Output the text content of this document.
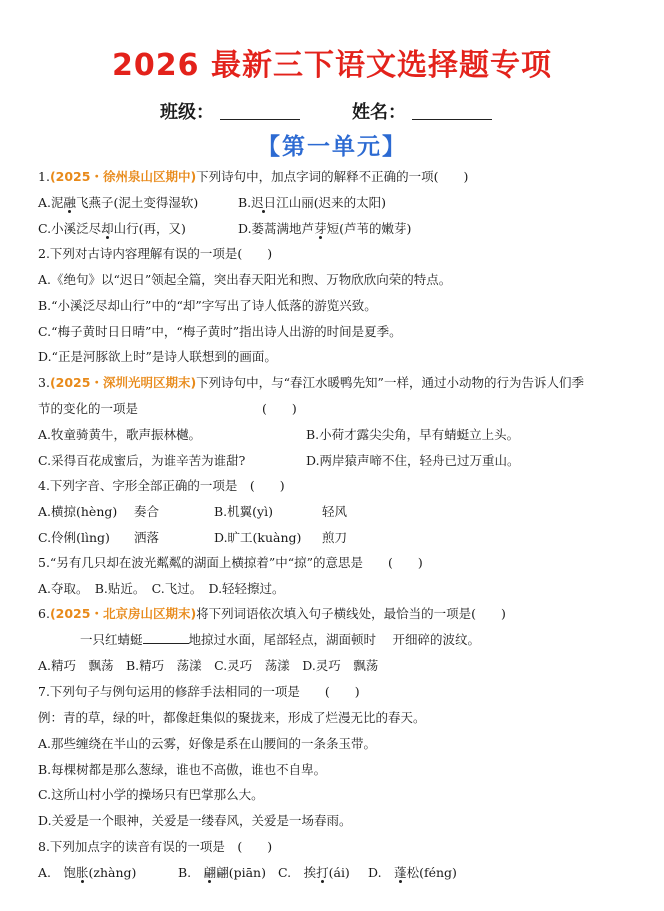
2026 最新三下语文选择题专项
班级：	姓名：
【第一单元】
1.(2025・徐州泉山区期中)下列诗句中，加点字词的解释不正确的一项(　　)
A.泥融飞燕子(泥土变得湿软)	B.迟日江山丽(迟来的太阳)
C.小溪泛尽却山行(再，又)	D.蒌蒿满地芦芽短(芦苇的嫩芽)
2.下列对古诗内容理解有误的一项是(　　)
A.《绝句》以“迟日”领起全篇，突出春天阳光和煦、万物欣欣向荣的特点。
B.“小溪泛尽却山行”中的“却”字写出了诗人低落的游览兴致。
C.“梅子黄时日日晴”中，“梅子黄时”指出诗人出游的时间是夏季。
D.“正是河豚欲上时”是诗人联想到的画面。
3.(2025・深圳光明区期末)下列诗句中，与“春江水暖鸭先知”一样，通过小动物的行为告诉人们季
节的变化的一项是	(　　)
A.牧童骑黄牛，歌声振林樾。	B.小荷才露尖尖角，早有蜻蜓立上头。
C.采得百花成蜜后，为谁辛苦为谁甜?	D.两岸猿声啼不住，轻舟已过万重山。
4.下列字音、字形全部正确的一项是　(　　)
A.横掠(hèng) 奏合	B.机翼(yì)	轻风
C.伶俐(lìng) 洒落	D.旷工(kuàng) 煎刀
5.“另有几只却在波光粼粼的湖面上横掠着”中“掠”的意思是　　(　　)
A.夺取。　B.贴近。　C.飞过。　D.轻轻擦过。
6.(2025・北京房山区期末)将下列词语依次填入句子横线处，最恰当的一项是(　　)
一只红蜻蜓	地掠过水面，尾部轻点，湖面顿时　 开细碎的波纹。
A.精巧　飘荡　B.精巧　荡漾　C.灵巧　荡漾　D.灵巧　飘荡
7.下列句子与例句运用的修辞手法相同的一项是　　(　　)
例：青的草，绿的叶，都像赶集似的聚拢来，形成了烂漫无比的春天。
A.那些缠绕在半山的云雾，好像是系在山腰间的一条条玉带。
B.每棵树都是那么葱绿，谁也不高傲，谁也不自卑。
C.这所山村小学的操场只有巴掌那么大。
D.关爱是一个眼神，关爱是一缕春风，关爱是一场春雨。
8.下列加点字的读音有误的一项是　(　　)
A.　饱胀(zhàng)	B.　翩翩(piān) C.　挨打(ái) D.　蓬松(féng)
